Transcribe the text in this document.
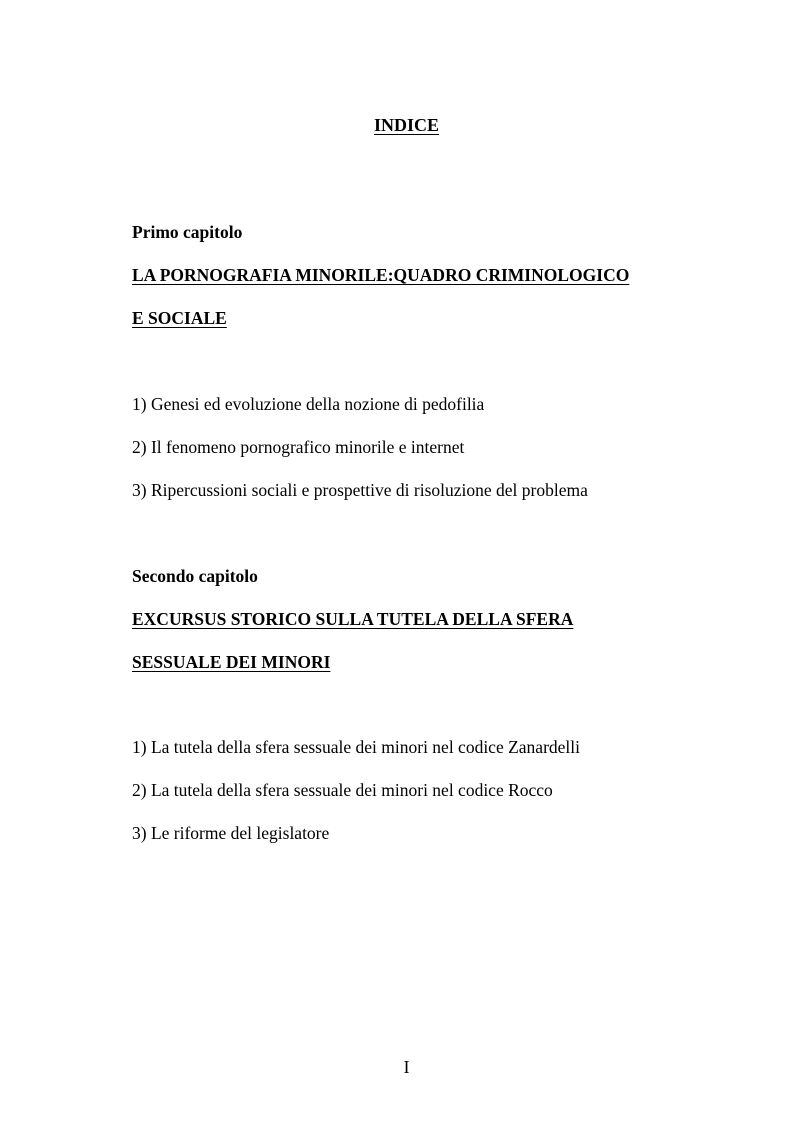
INDICE

Primo capitolo

LA PORNOGRAFIA MINORILE:QUADRO CRIMINOLOGICO

E SOCIALE

1) Genesi ed evoluzione della nozione di pedofilia

2) Il fenomeno pornografico minorile e internet

3) Ripercussioni sociali e prospettive di risoluzione del problema

Secondo capitolo

EXCURSUS STORICO SULLA TUTELA DELLA SFERA

SESSUALE DEI MINORI

1) La tutela della sfera sessuale dei minori nel codice Zanardelli

2) La tutela della sfera sessuale dei minori nel codice Rocco

3) Le riforme del legislatore

I
